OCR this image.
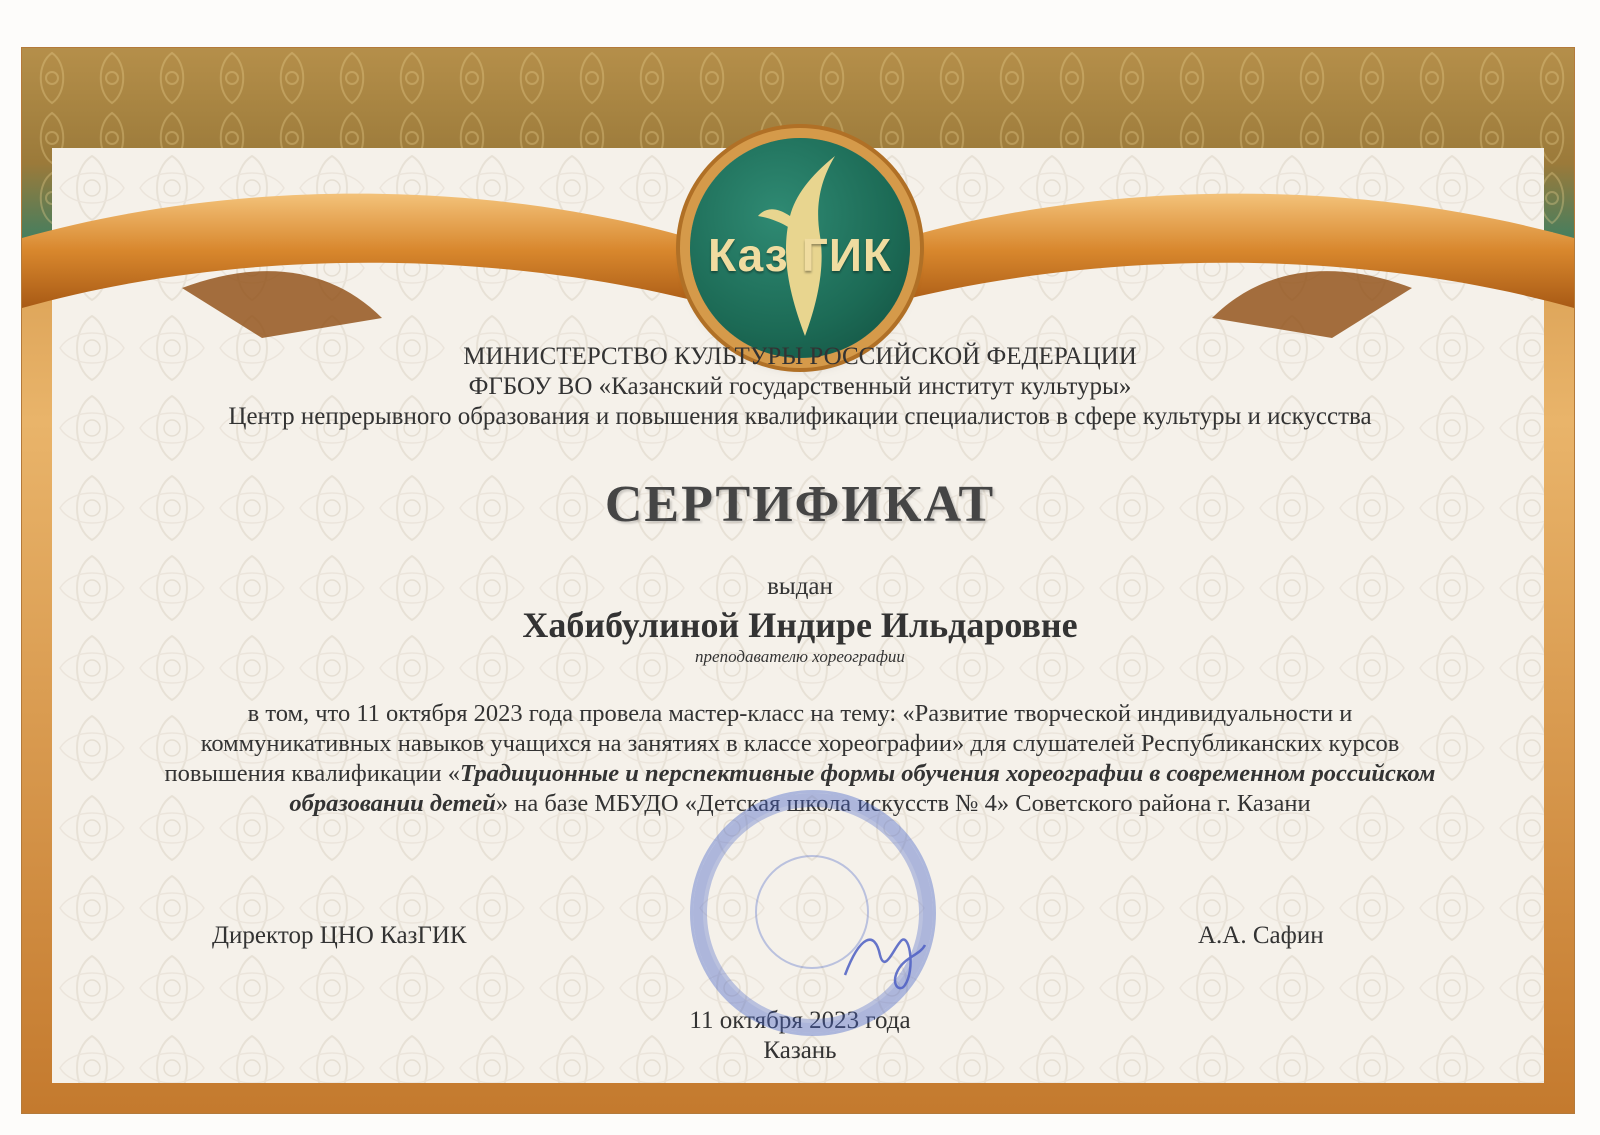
Каз ГИК
МИНИСТЕРСТВО КУЛЬТУРЫ РОССИЙСКОЙ ФЕДЕРАЦИИ
ФГБОУ ВО «Казанский государственный институт культуры»
Центр непрерывного образования и повышения квалификации специалистов в сфере культуры и искусства
СЕРТИФИКАТ
выдан
Хабибулиной Индире Ильдаровне
преподавателю хореографии
в том, что 11 октября 2023 года провела мастер-класс на тему: «Развитие творческой индивидуальности и коммуникативных навыков учащихся на занятиях в классе хореографии» для слушателей Республиканских курсов повышения квалификации «Традиционные и перспективные формы обучения хореографии в современном российском образовании детей» на базе МБУДО «Детская школа искусств № 4» Советского района г. Казани
Директор ЦНО КазГИК	А.А. Сафин
11 октября 2023 года
Казань
